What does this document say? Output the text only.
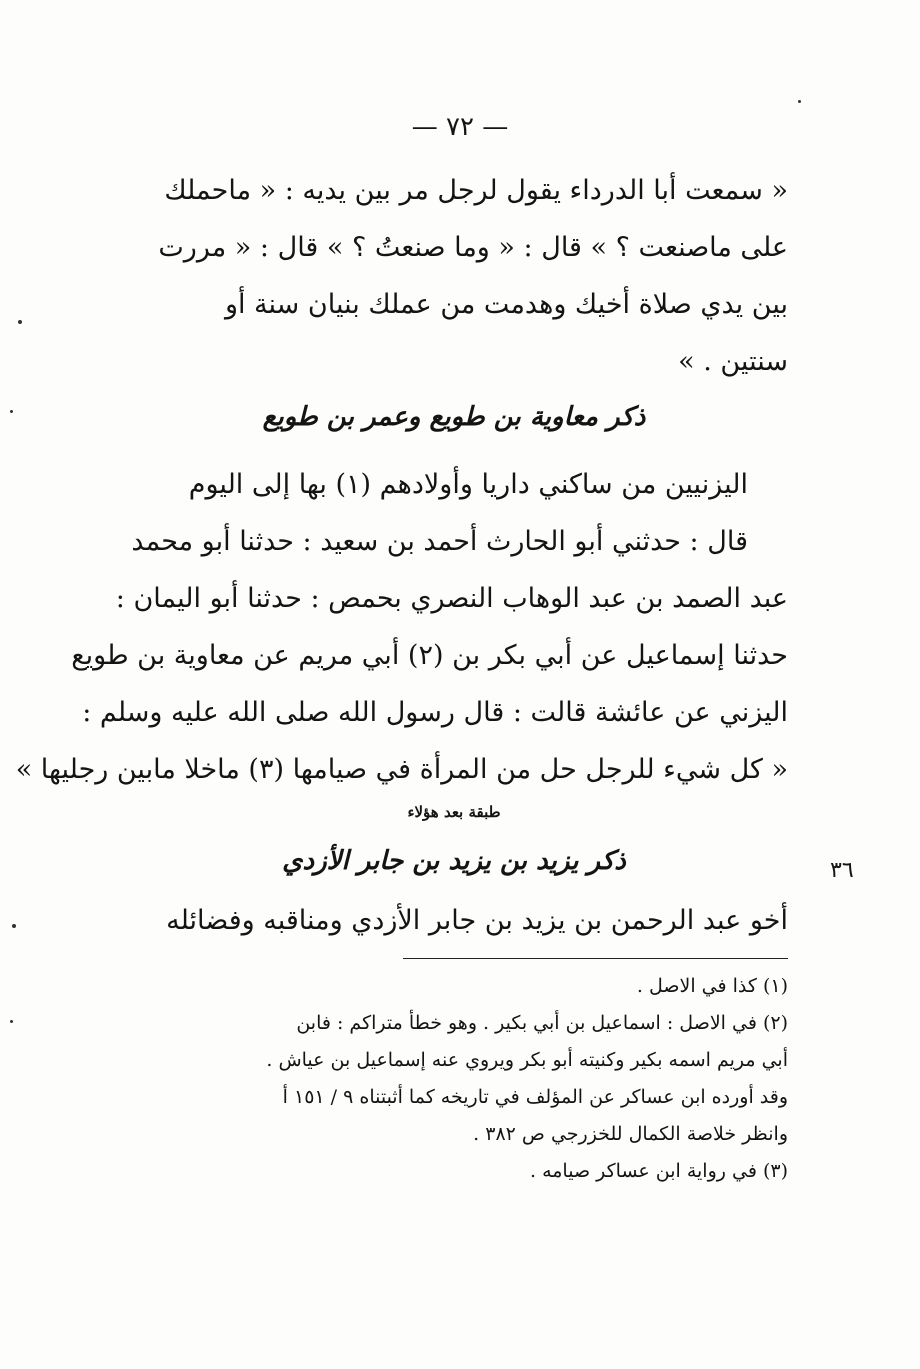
— ٧٢ —
« سمعت أبا الدرداء يقول لرجل مر بين يديه : « ماحملك
على ماصنعت ؟ » قال : « وما صنعتُ ؟ » قال : « مررت
بين يدي صلاة أخيك وهدمت من عملك بنيان سنة أو
سنتين . »
ذكر معاوية بن طويع وعمر بن طويع
اليزنيين من ساكني داريا وأولادهم (١) بها إلى اليوم
قال : حدثني أبو الحارث أحمد بن سعيد : حدثنا أبو محمد
عبد الصمد بن عبد الوهاب النصري بحمص : حدثنا أبو اليمان :
حدثنا إسماعيل عن أبي بكر بن (٢) أبي مريم عن معاوية بن طويع
اليزني عن عائشة قالت : قال رسول الله صلى الله عليه وسلم :
« كل شيء للرجل حل من المرأة في صيامها (٣) ماخلا مابين رجليها »
طبقة بعد هؤلاء
ذكر يزيد بن يزيد بن جابر الأزدي	٣٦
أخو عبد الرحمن بن يزيد بن جابر الأزدي ومناقبه وفضائله
(١) كذا في الاصل .
(٢) في الاصل : اسماعيل بن أبي بكير . وهو خطأ متراكم : فابن
أبي مريم اسمه بكير وكنيته أبو بكر ويروي عنه إسماعيل بن عياش .
وقد أورده ابن عساكر عن المؤلف في تاريخه كما أثبتناه ٩ / ١٥١ أ
وانظر خلاصة الكمال للخزرجي ص ٣٨٢ .
(٣) في رواية ابن عساكر صيامه .
